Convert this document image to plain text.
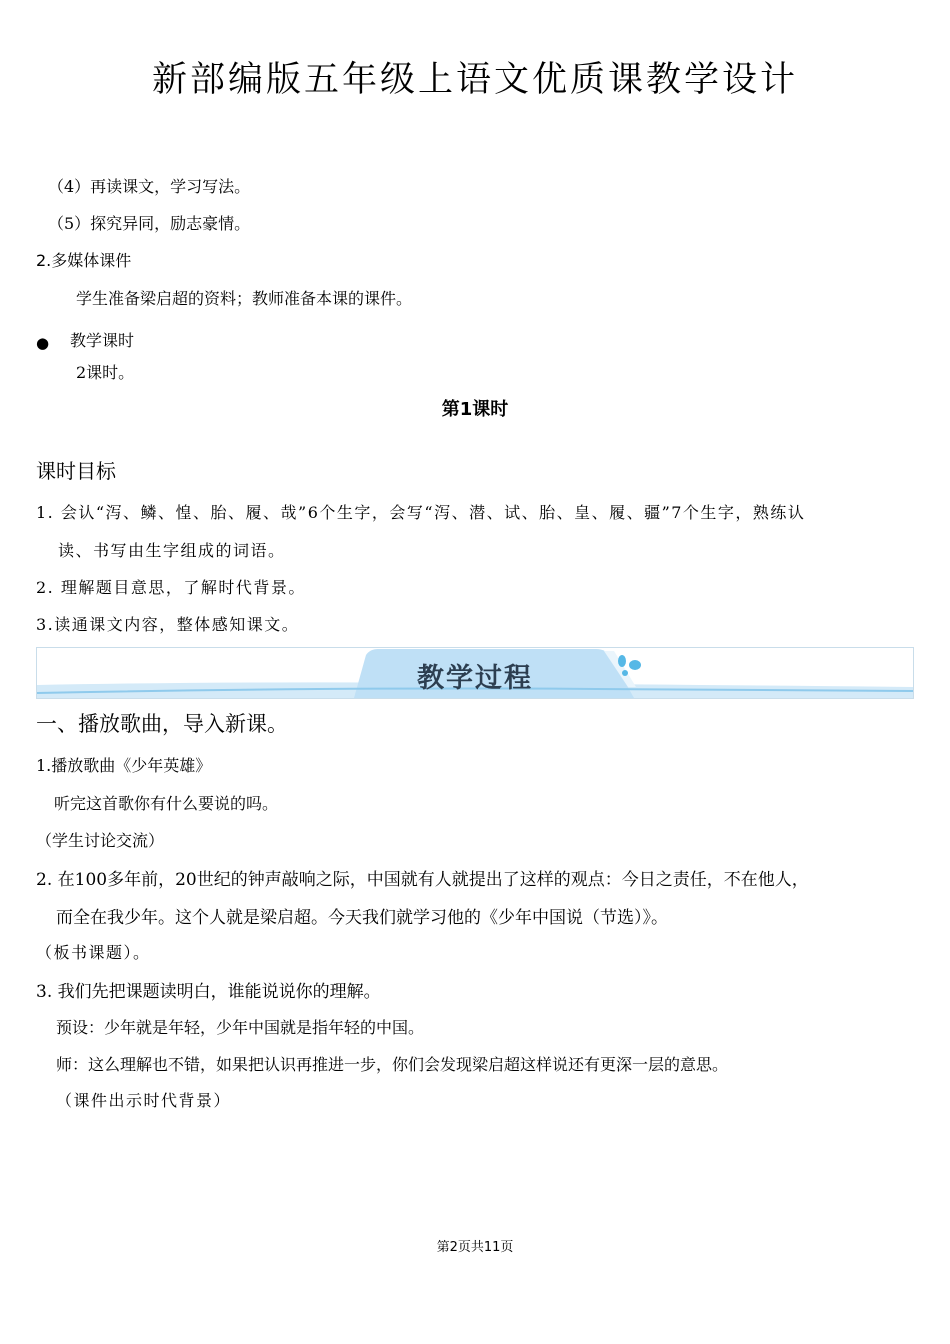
新部编版五年级上语文优质课教学设计
（4）再读课文，学习写法。
（5）探究异同，励志豪情。
2.多媒体课件
学生准备梁启超的资料；教师准备本课的课件。
● 教学课时
2课时。
第1课时
课时目标
1. 会认“泻、鳞、惶、胎、履、哉”6个生字，会写“泻、潜、试、胎、皇、履、疆”7个生字，熟练认
读、书写由生字组成的词语。
2. 理解题目意思，了解时代背景。
3.读通课文内容，整体感知课文。
教学过程
一、播放歌曲，导入新课。
1.播放歌曲《少年英雄》
听完这首歌你有什么要说的吗。
（学生讨论交流）
2. 在100多年前，20世纪的钟声敲响之际，中国就有人就提出了这样的观点：今日之责任，不在他人，
而全在我少年。这个人就是梁启超。今天我们就学习他的《少年中国说（节选）》。
（板书课题）。
3. 我们先把课题读明白，谁能说说你的理解。
预设：少年就是年轻，少年中国就是指年轻的中国。
师：这么理解也不错，如果把认识再推进一步，你们会发现梁启超这样说还有更深一层的意思。
（课件出示时代背景）
第2页共11页
